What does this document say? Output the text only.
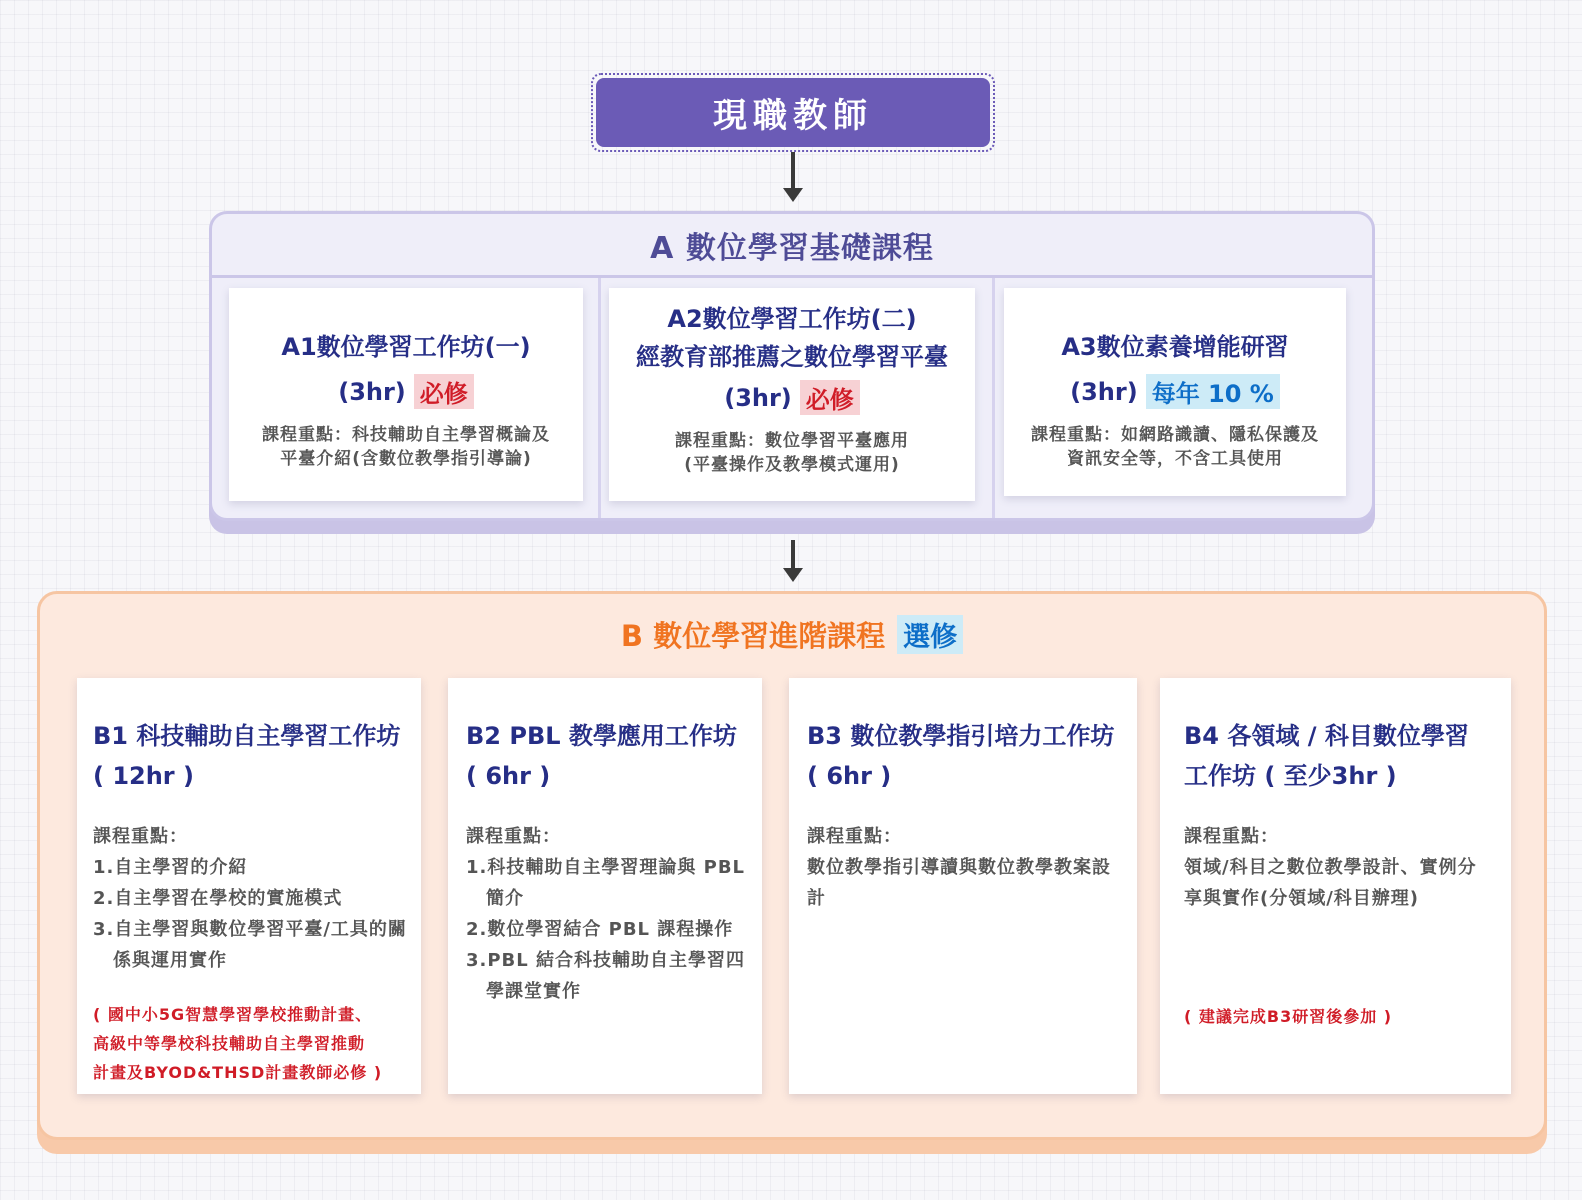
現職教師
A 數位學習基礎課程
A1數位學習工作坊(一)
(3hr) 必修
課程重點：科技輔助自主學習概論及
平臺介紹(含數位教學指引導論)
A2數位學習工作坊(二)
經教育部推薦之數位學習平臺
(3hr) 必修
課程重點：數位學習平臺應用
(平臺操作及教學模式運用)
A3數位素養增能研習
(3hr) 每年 10 %
課程重點：如網路識讀、隱私保護及
資訊安全等，不含工具使用
B 數位學習進階課程 選修
B1 科技輔助自主學習工作坊
( 12hr )
課程重點：
1.自主學習的介紹
2.自主學習在學校的實施模式
3.自主學習與數位學習平臺/工具的關係與運用實作
( 國中小5G智慧學習學校推動計畫、
高級中等學校科技輔助自主學習推動
計畫及BYOD&THSD計畫教師必修 )
B2 PBL 教學應用工作坊
( 6hr )
課程重點：
1.科技輔助自主學習理論與 PBL 簡介
2.數位學習結合 PBL 課程操作
3.PBL 結合科技輔助自主學習四學課堂實作
B3 數位教學指引培力工作坊
( 6hr )
課程重點：
數位教學指引導讀與數位教學教案設計
B4 各領域 / 科目數位學習
工作坊 ( 至少3hr )
課程重點：
領域/科目之數位教學設計、實例分享與實作(分領域/科目辦理)
( 建議完成B3研習後參加 )
